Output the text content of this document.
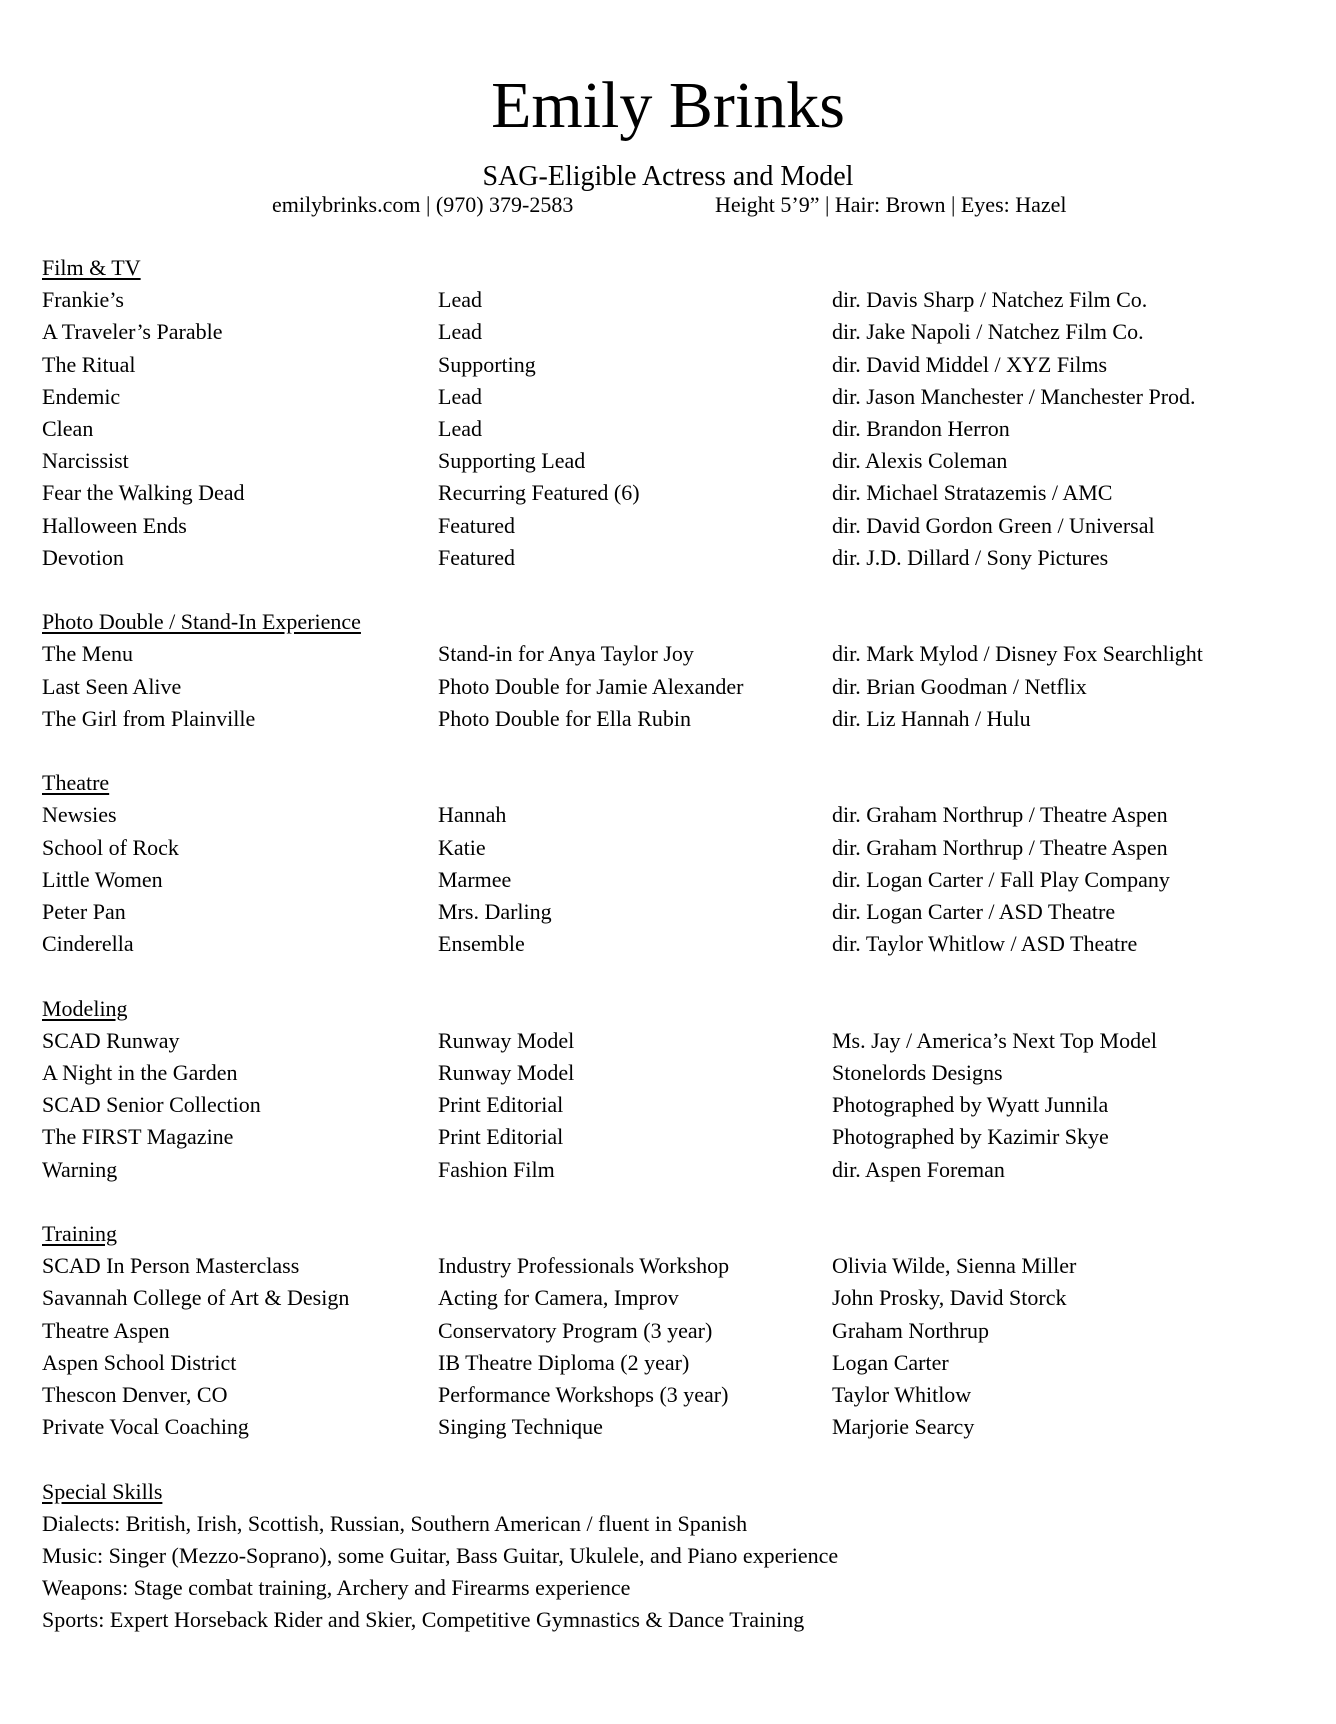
Emily Brinks
SAG-Eligible Actress and Model
emilybrinks.com | (970) 379-2583	Height 5’9” | Hair: Brown | Eyes: Hazel
Film & TV
Frankie’s	Lead	dir. Davis Sharp / Natchez Film Co.
A Traveler’s Parable	Lead	dir. Jake Napoli / Natchez Film Co.
The Ritual	Supporting	dir. David Middel / XYZ Films
Endemic	Lead	dir. Jason Manchester / Manchester Prod.
Clean	Lead	dir. Brandon Herron
Narcissist	Supporting Lead	dir. Alexis Coleman
Fear the Walking Dead	Recurring Featured (6)	dir. Michael Stratazemis / AMC
Halloween Ends	Featured	dir. David Gordon Green / Universal
Devotion	Featured	dir. J.D. Dillard / Sony Pictures
Photo Double / Stand-In Experience
The Menu	Stand-in for Anya Taylor Joy	dir. Mark Mylod / Disney Fox Searchlight
Last Seen Alive	Photo Double for Jamie Alexander	dir. Brian Goodman / Netflix
The Girl from Plainville	Photo Double for Ella Rubin	dir. Liz Hannah / Hulu
Theatre
Newsies	Hannah	dir. Graham Northrup / Theatre Aspen
School of Rock	Katie	dir. Graham Northrup / Theatre Aspen
Little Women	Marmee	dir. Logan Carter / Fall Play Company
Peter Pan	Mrs. Darling	dir. Logan Carter / ASD Theatre
Cinderella	Ensemble	dir. Taylor Whitlow / ASD Theatre
Modeling
SCAD Runway	Runway Model	Ms. Jay / America’s Next Top Model
A Night in the Garden	Runway Model	Stonelords Designs
SCAD Senior Collection	Print Editorial	Photographed by Wyatt Junnila
The FIRST Magazine	Print Editorial	Photographed by Kazimir Skye
Warning	Fashion Film	dir. Aspen Foreman
Training
SCAD In Person Masterclass	Industry Professionals Workshop	Olivia Wilde, Sienna Miller
Savannah College of Art & Design	Acting for Camera, Improv	John Prosky, David Storck
Theatre Aspen	Conservatory Program (3 year)	Graham Northrup
Aspen School District	IB Theatre Diploma (2 year)	Logan Carter
Thescon Denver, CO	Performance Workshops (3 year)	Taylor Whitlow
Private Vocal Coaching	Singing Technique	Marjorie Searcy
Special Skills
Dialects: British, Irish, Scottish, Russian, Southern American / fluent in Spanish
Music: Singer (Mezzo-Soprano), some Guitar, Bass Guitar, Ukulele, and Piano experience
Weapons: Stage combat training, Archery and Firearms experience
Sports: Expert Horseback Rider and Skier, Competitive Gymnastics & Dance Training
